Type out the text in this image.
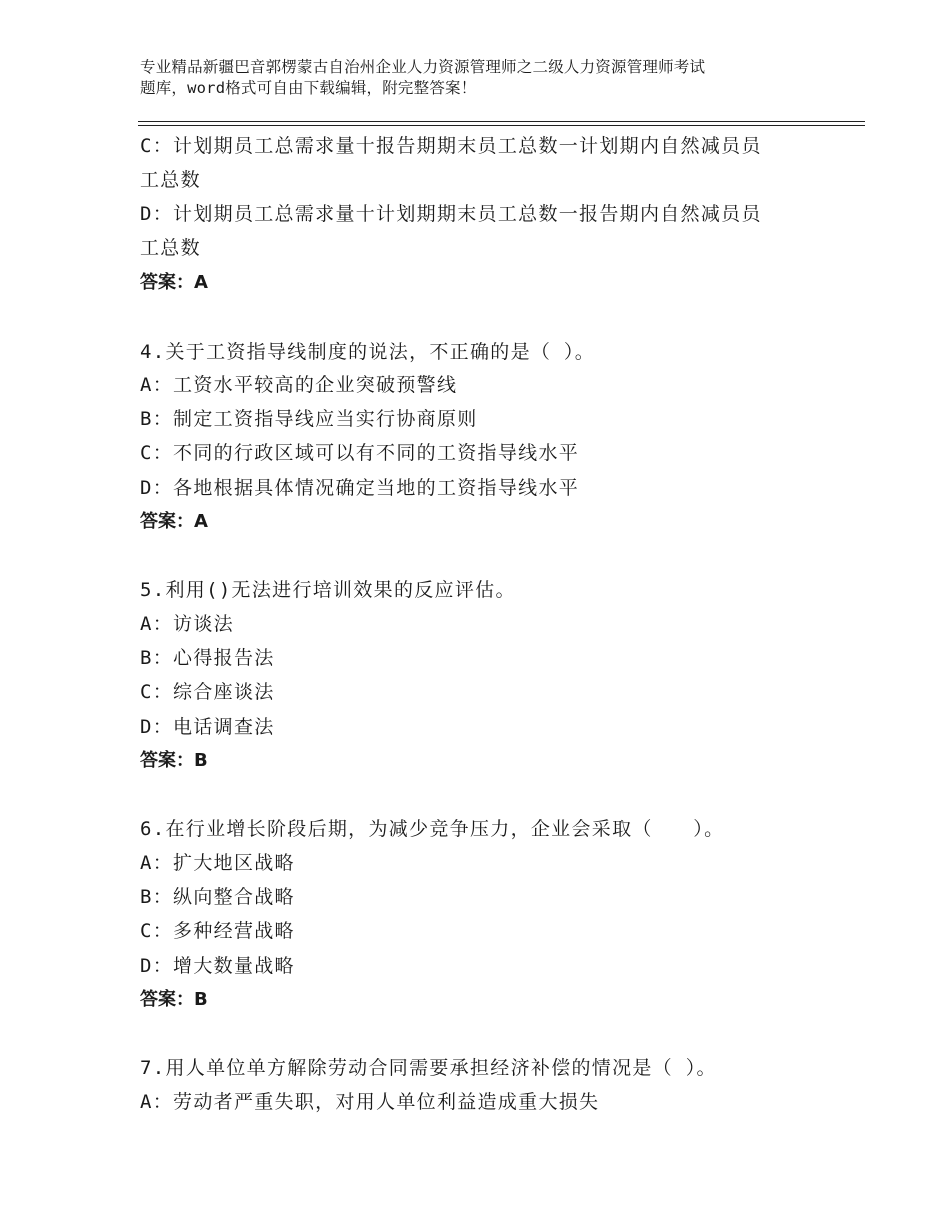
专业精品新疆巴音郭楞蒙古自治州企业人力资源管理师之二级人力资源管理师考试
题库，word格式可自由下载编辑，附完整答案！
C：计划期员工总需求量十报告期期末员工总数一计划期内自然减员员
工总数
D：计划期员工总需求量十计划期期末员工总数一报告期内自然减员员
工总数
答案：A
4.关于工资指导线制度的说法，不正确的是（ ）。
A：工资水平较高的企业突破预警线
B：制定工资指导线应当实行协商原则
C：不同的行政区域可以有不同的工资指导线水平
D：各地根据具体情况确定当地的工资指导线水平
答案：A
5.利用()无法进行培训效果的反应评估。
A：访谈法
B：心得报告法
C：综合座谈法
D：电话调查法
答案：B
6.在行业增长阶段后期，为减少竞争压力，企业会采取（　　）。
A：扩大地区战略
B：纵向整合战略
C：多种经营战略
D：增大数量战略
答案：B
7.用人单位单方解除劳动合同需要承担经济补偿的情况是（ ）。
A：劳动者严重失职，对用人单位利益造成重大损失
